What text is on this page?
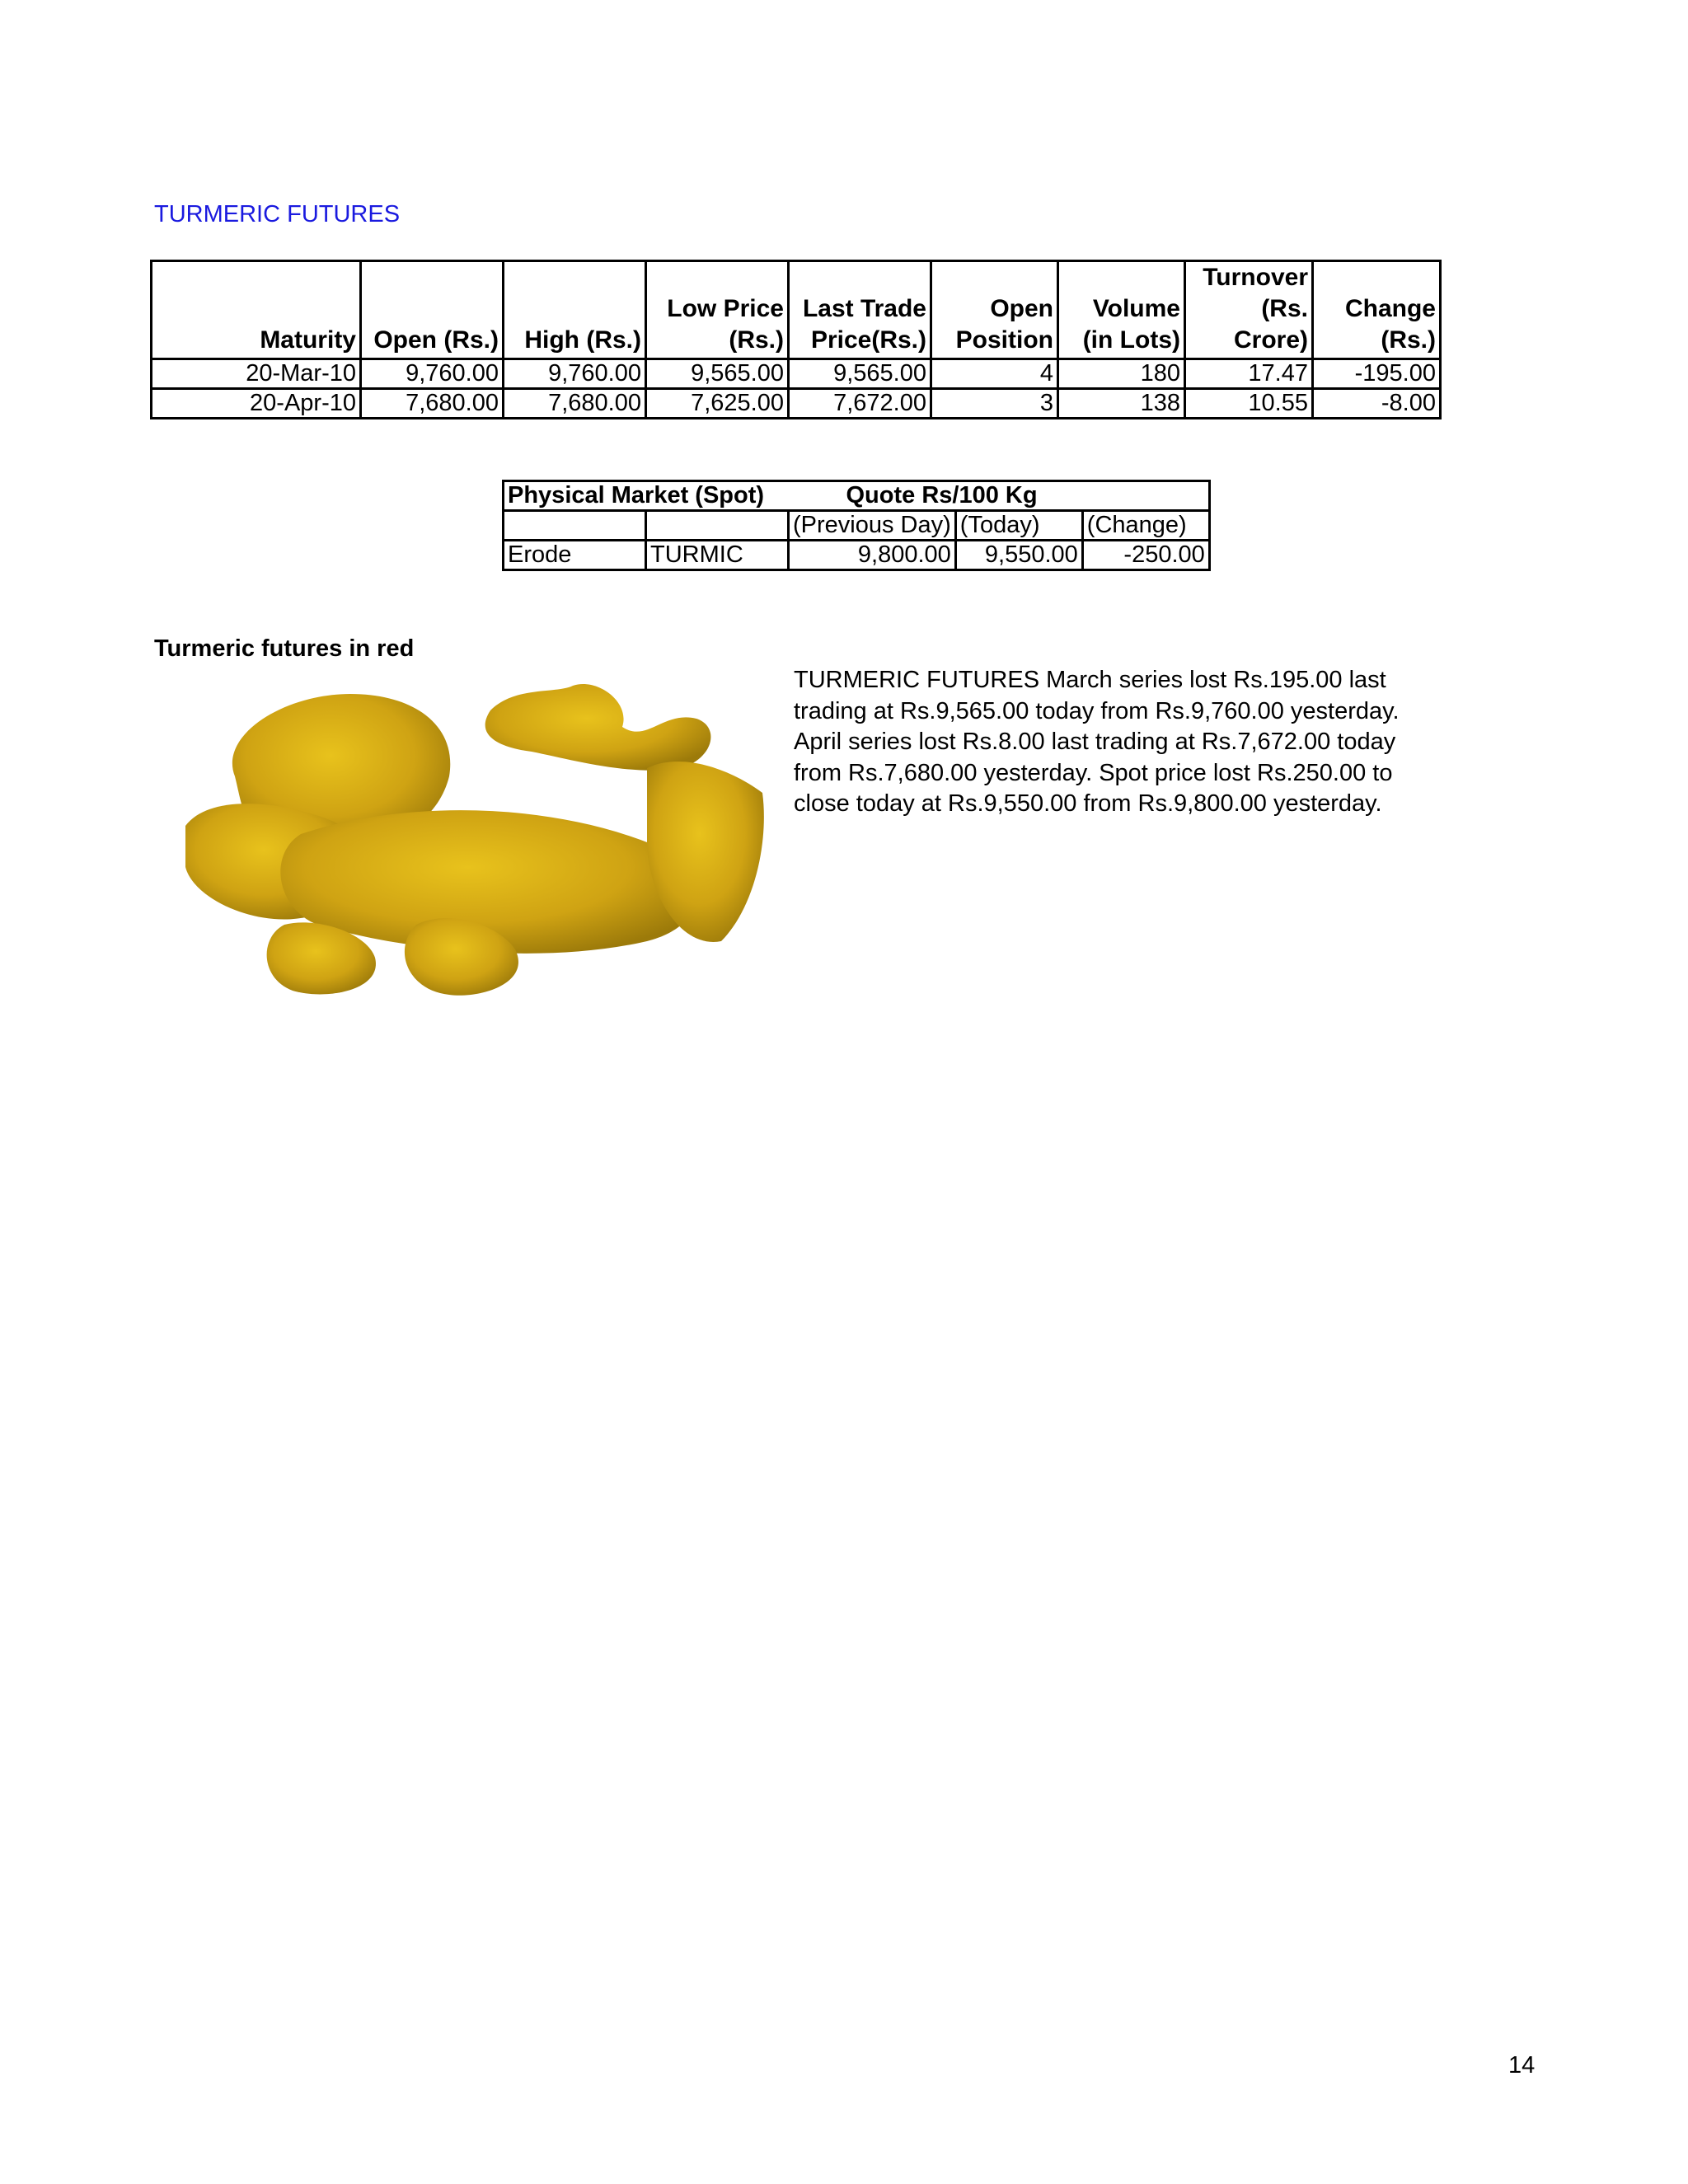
TURMERIC FUTURES
Maturity	Open (Rs.)	High (Rs.)	Low Price (Rs.)	Last Trade Price(Rs.)	Open Position	Volume (in Lots)	Turnover (Rs. Crore)	Change (Rs.)
20-Mar-10	9,760.00	9,760.00	9,565.00	9,565.00	4	180	17.47	-195.00
20-Apr-10	7,680.00	7,680.00	7,625.00	7,672.00	3	138	10.55	-8.00
Physical Market (Spot)		Quote Rs/100 Kg		
		(Previous Day)	(Today)	(Change)
Erode	TURMIC	9,800.00	9,550.00	-250.00

Turmeric futures in red

TURMERIC FUTURES March series lost Rs.195.00 last trading at Rs.9,565.00 today from Rs.9,760.00 yesterday. April series lost Rs.8.00 last trading at Rs.7,672.00 today from Rs.7,680.00 yesterday. Spot price lost Rs.250.00 to close today at Rs.9,550.00 from Rs.9,800.00 yesterday.

14
